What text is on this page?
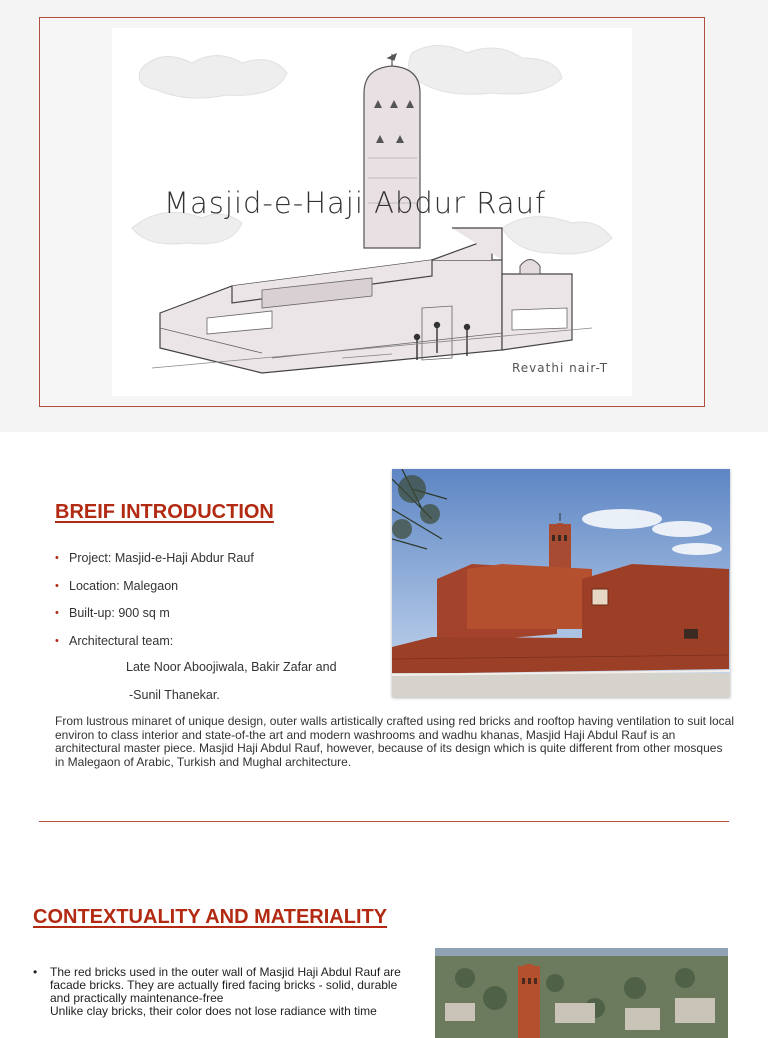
Masjid-e-Haji Abdur Rauf
Revathi nair-T
BREIF INTRODUCTION
• Project: Masjid-e-Haji Abdur Rauf
• Location: Malegaon
• Built-up: 900 sq m
• Architectural team:
Late Noor Aboojiwala, Bakir Zafar and
-Sunil Thanekar.
From lustrous minaret of unique design, outer walls artistically crafted using red bricks and rooftop having ventilation to suit local environ to class interior and state-of-the art and modern washrooms and wadhu khanas, Masjid Haji Abdul Rauf is an architectural master piece. Masjid Haji Abdul Rauf, however, because of its design which is quite different from other mosques in Malegaon of Arabic, Turkish and Mughal architecture.
CONTEXTUALITY AND MATERIALITY
• The red bricks used in the outer wall of Masjid Haji Abdul Rauf are facade bricks. They are actually fired facing bricks - solid, durable and practically maintenance-free
Unlike clay bricks, their color does not lose radiance with time
